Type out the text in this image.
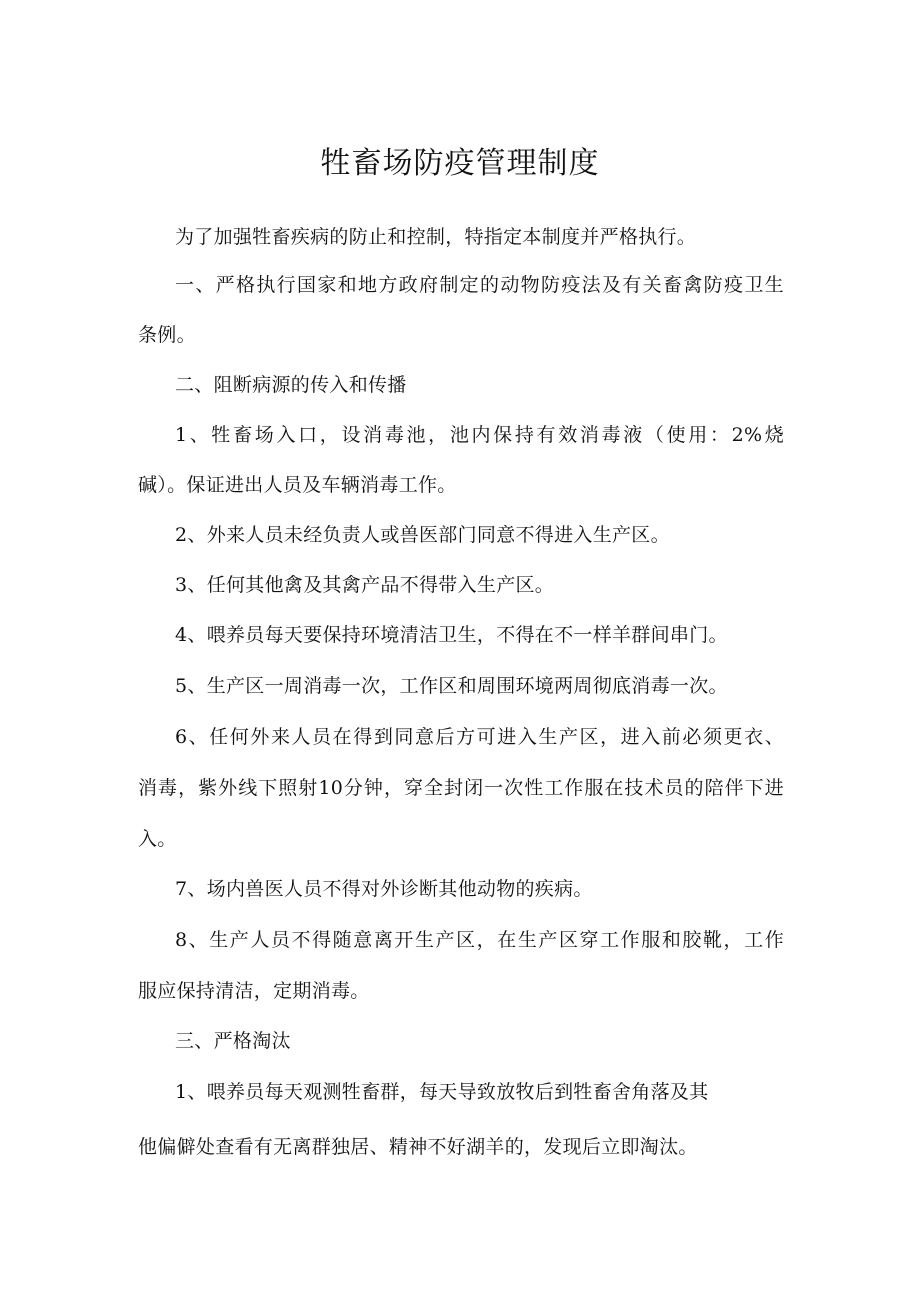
牲畜场防疫管理制度
为了加强牲畜疾病的防止和控制，特指定本制度并严格执行。
一、严格执行国家和地方政府制定的动物防疫法及有关畜禽防疫卫生
条例。
二、阻断病源的传入和传播
1、牲畜场入口，设消毒池，池内保持有效消毒液（使用：2%烧
碱）。保证进出人员及车辆消毒工作。
2、外来人员未经负责人或兽医部门同意不得进入生产区。
3、任何其他禽及其禽产品不得带入生产区。
4、喂养员每天要保持环境清洁卫生，不得在不一样羊群间串门。
5、生产区一周消毒一次，工作区和周围环境两周彻底消毒一次。
6、任何外来人员在得到同意后方可进入生产区，进入前必须更衣、
消毒，紫外线下照射10分钟，穿全封闭一次性工作服在技术员的陪伴下进
入。
7、场内兽医人员不得对外诊断其他动物的疾病。
8、生产人员不得随意离开生产区，在生产区穿工作服和胶靴，工作
服应保持清洁，定期消毒。
三、严格淘汰
1、喂养员每天观测牲畜群，每天导致放牧后到牲畜舍角落及其
他偏僻处查看有无离群独居、精神不好湖羊的，发现后立即淘汰。
